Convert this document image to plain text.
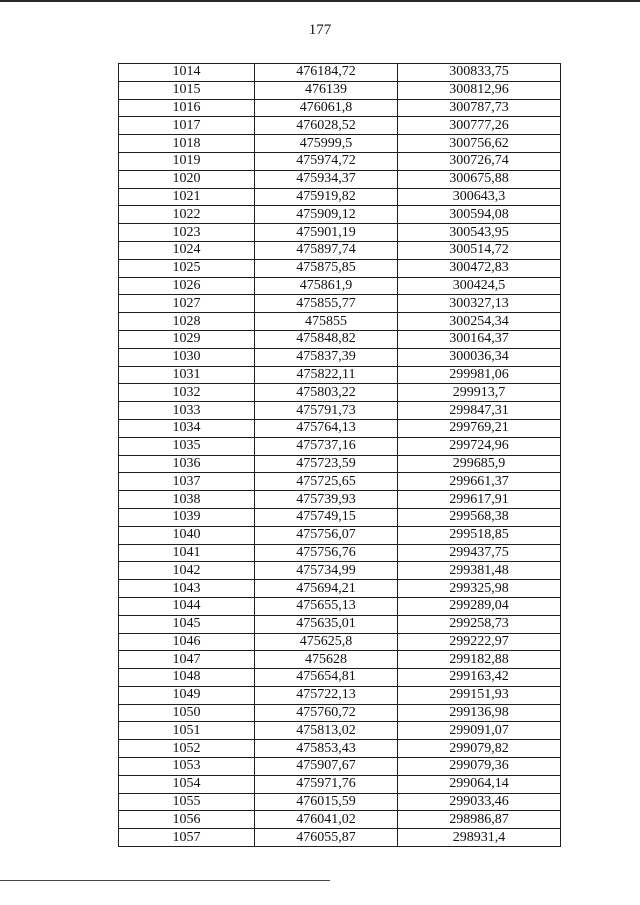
177
1014	476184,72	300833,75
1015	476139	300812,96
1016	476061,8	300787,73
1017	476028,52	300777,26
1018	475999,5	300756,62
1019	475974,72	300726,74
1020	475934,37	300675,88
1021	475919,82	300643,3
1022	475909,12	300594,08
1023	475901,19	300543,95
1024	475897,74	300514,72
1025	475875,85	300472,83
1026	475861,9	300424,5
1027	475855,77	300327,13
1028	475855	300254,34
1029	475848,82	300164,37
1030	475837,39	300036,34
1031	475822,11	299981,06
1032	475803,22	299913,7
1033	475791,73	299847,31
1034	475764,13	299769,21
1035	475737,16	299724,96
1036	475723,59	299685,9
1037	475725,65	299661,37
1038	475739,93	299617,91
1039	475749,15	299568,38
1040	475756,07	299518,85
1041	475756,76	299437,75
1042	475734,99	299381,48
1043	475694,21	299325,98
1044	475655,13	299289,04
1045	475635,01	299258,73
1046	475625,8	299222,97
1047	475628	299182,88
1048	475654,81	299163,42
1049	475722,13	299151,93
1050	475760,72	299136,98
1051	475813,02	299091,07
1052	475853,43	299079,82
1053	475907,67	299079,36
1054	475971,76	299064,14
1055	476015,59	299033,46
1056	476041,02	298986,87
1057	476055,87	298931,4
